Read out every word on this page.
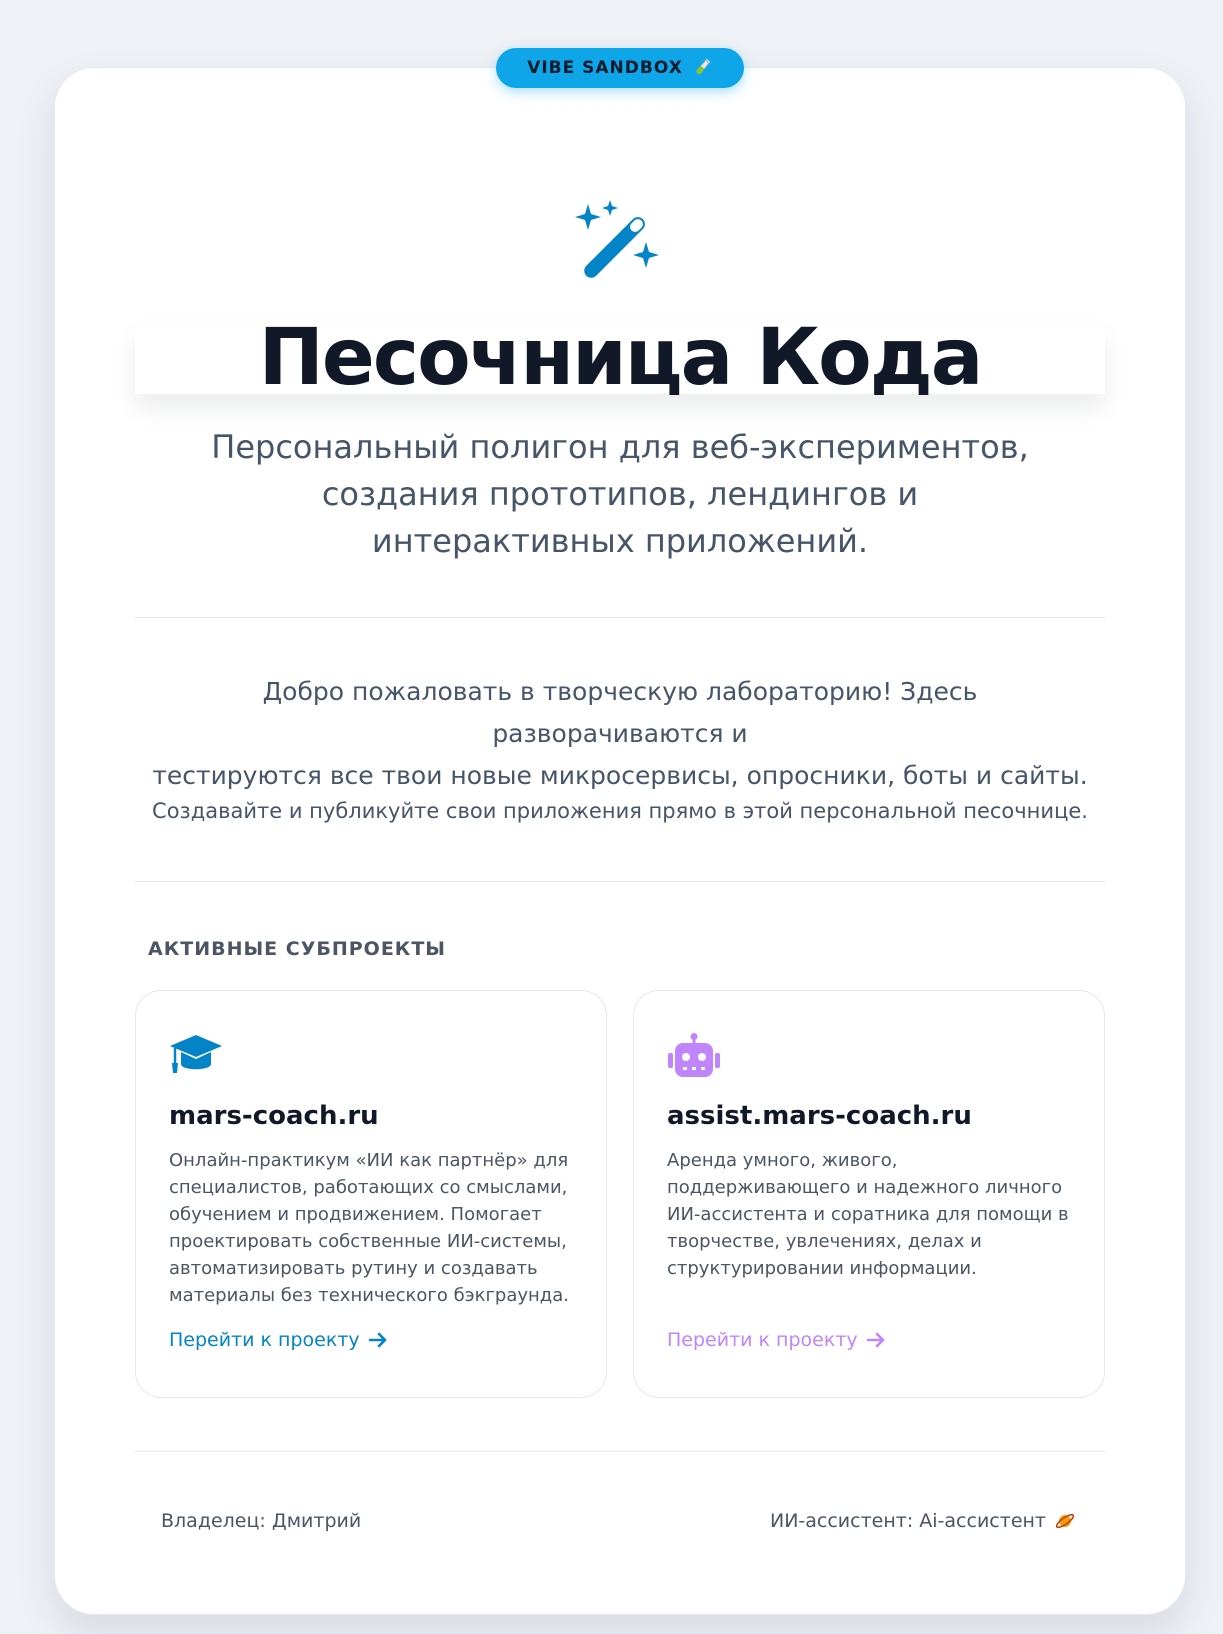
VIBE SANDBOX
Песочница Кода
Персональный полигон для веб-экспериментов,
создания прототипов, лендингов и
интерактивных приложений.
Добро пожаловать в творческую лабораторию! Здесь разворачиваются и
тестируются все твои новые микросервисы, опросники, боты и сайты.
Создавайте и публикуйте свои приложения прямо в этой персональной песочнице.
АКТИВНЫЕ СУБПРОЕКТЫ
mars-coach.ru
Онлайн-практикум «ИИ как партнёр» для
специалистов, работающих со смыслами,
обучением и продвижением. Помогает
проектировать собственные ИИ-системы,
автоматизировать рутину и создавать
материалы без технического бэкграунда.
Перейти к проекту
assist.mars-coach.ru
Аренда умного, живого,
поддерживающего и надежного личного
ИИ-ассистента и соратника для помощи в
творчестве, увлечениях, делах и
структурировании информации.
Перейти к проекту
Владелец: Дмитрий	ИИ-ассистент: Ai-ассистент
